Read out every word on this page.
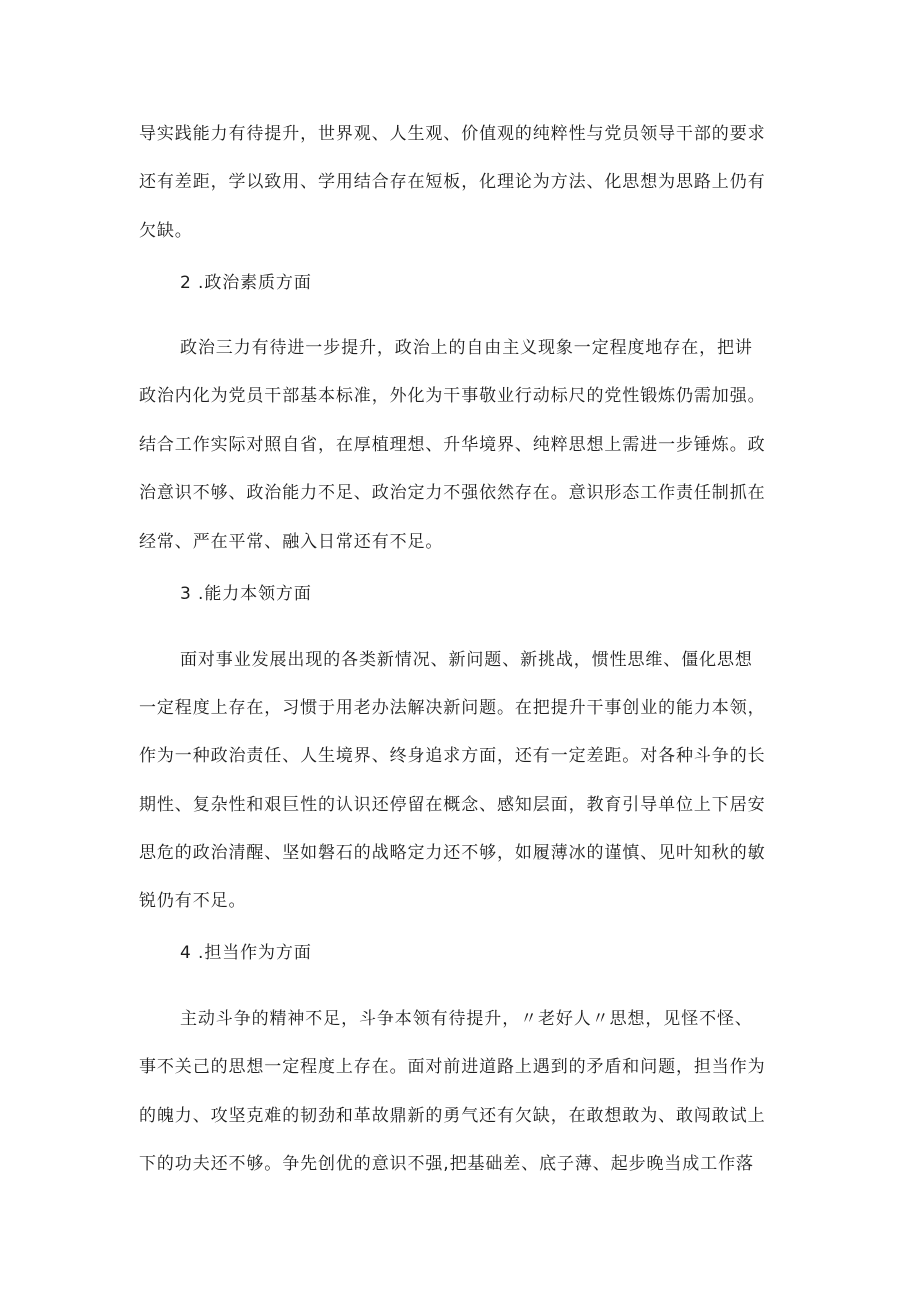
导实践能力有待提升，世界观、人生观、价值观的纯粹性与党员领导干部的要求
还有差距，学以致用、学用结合存在短板，化理论为方法、化思想为思路上仍有
欠缺。
2 .政治素质方面
政治三力有待进一步提升，政治上的自由主义现象一定程度地存在，把讲
政治内化为党员干部基本标准，外化为干事敬业行动标尺的党性锻炼仍需加强。
结合工作实际对照自省，在厚植理想、升华境界、纯粹思想上需进一步锤炼。政
治意识不够、政治能力不足、政治定力不强依然存在。意识形态工作责任制抓在
经常、严在平常、融入日常还有不足。
3 .能力本领方面
面对事业发展出现的各类新情况、新问题、新挑战，惯性思维、僵化思想
一定程度上存在，习惯于用老办法解决新问题。在把提升干事创业的能力本领，
作为一种政治责任、人生境界、终身追求方面，还有一定差距。对各种斗争的长
期性、复杂性和艰巨性的认识还停留在概念、感知层面，教育引导单位上下居安
思危的政治清醒、坚如磐石的战略定力还不够，如履薄冰的谨慎、见叶知秋的敏
锐仍有不足。
4 .担当作为方面
主动斗争的精神不足，斗争本领有待提升，〃老好人〃思想，见怪不怪、
事不关己的思想一定程度上存在。面对前进道路上遇到的矛盾和问题，担当作为
的魄力、攻坚克难的韧劲和革故鼎新的勇气还有欠缺，在敢想敢为、敢闯敢试上
下的功夫还不够。争先创优的意识不强,把基础差、底子薄、起步晚当成工作落
